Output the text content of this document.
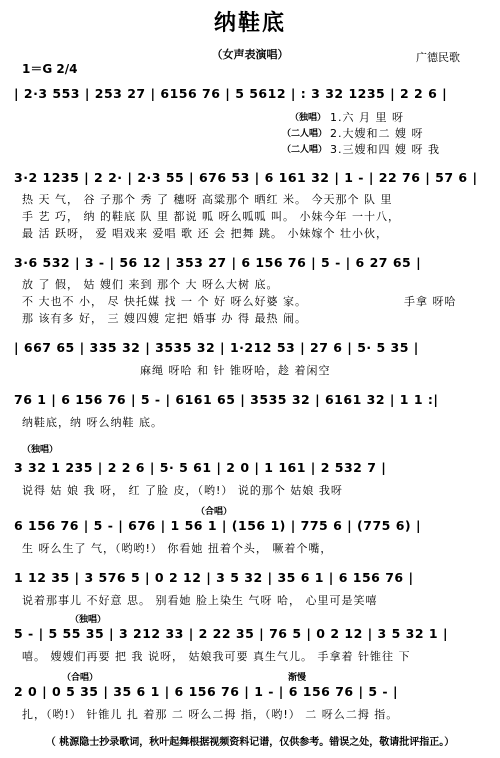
纳鞋底
（女声表演唱）
1＝G 2/4
广德民歌
| 2·3 553 | 253 27 | 6156 76 | 5 5612 | : 3 32 1235 | 2 2 6 |
（独唱）
（二人唱）
（二人唱）
1.六 月 里 呀
2.大嫂和二 嫂 呀
3.三嫂和四 嫂 呀 我
3·2 1235 | 2 2· | 2·3 55 | 676 53 | 6 161 32 | 1 - | 22 76 | 57 6 |
热 天 气， 谷 子那个 秀 了 穗呀 高粱那个 晒红 米。 今天那个 队 里
手 艺 巧， 纳 的鞋底 队 里 都说 呱 呀么呱呱 叫。 小妹今年 一十八，
最 活 跃呀， 爱 唱戏来 爱唱 歌 还 会 把舞 跳。 小妹嫁个 壮小伙，
3·6 532 | 3 - | 56 12 | 353 27 | 6 156 76 | 5 - | 6 27 65 |
放 了 假， 姑 嫂们 来到 那个 大 呀么大树 底。
不 大也不 小， 尽 快托媒 找 一 个 好 呀么好婆 家。
那 该有多 好， 三 嫂四嫂 定把 婚事 办 得 最热 闹。
手拿 呀哈
| 667 65 | 335 32 | 3535 32 | 1·212 53 | 27 6 | 5· 5 35 |
麻绳 呀哈 和 针 锥呀哈，趁 着闲空
76 1 | 6 156 76 | 5 - | 6161 65 | 3535 32 | 6161 32 | 1 1 :|
纳鞋底，纳 呀么纳鞋 底。
（独唱）
3 32 1 235 | 2 2 6 | 5· 5 61 | 2 0 | 1 161 | 2 532 7 |
说得 姑 娘 我 呀， 红 了脸 皮，（哟!） 说的那个 姑娘 我呀
（合唱）
6 156 76 | 5 - | 676 | 1 56 1 | (156 1) | 775 6 | (775 6) |
生 呀么生了 气，（哟哟!） 你看她 扭着个头， 噘着个嘴，
1 12 35 | 3 576 5 | 0 2 12 | 3 5 32 | 35 6 1 | 6 156 76 |
说着那事儿 不好意 思。 别看她 脸上染生 气呀 哈， 心里可是笑嘻
（独唱）
5 - | 5 55 35 | 3 212 33 | 2 22 35 | 76 5 | 0 2 12 | 3 5 32 1 |
嘻。 嫂嫂们再要 把 我 说呀， 姑娘我可要 真生气儿。 手拿着 针锥往 下
（合唱）	渐慢
2 0 | 0 5 35 | 35 6 1 | 6 156 76 | 1 - | 6 156 76 | 5 - |
扎，（哟!） 针锥儿 扎 着那 二 呀么二拇 指，（哟!） 二 呀么二拇 指。
（ 桃源隐士抄录歌词，秋叶起舞根据视频资料记谱，仅供参考。错误之处，敬请批评指正。）
